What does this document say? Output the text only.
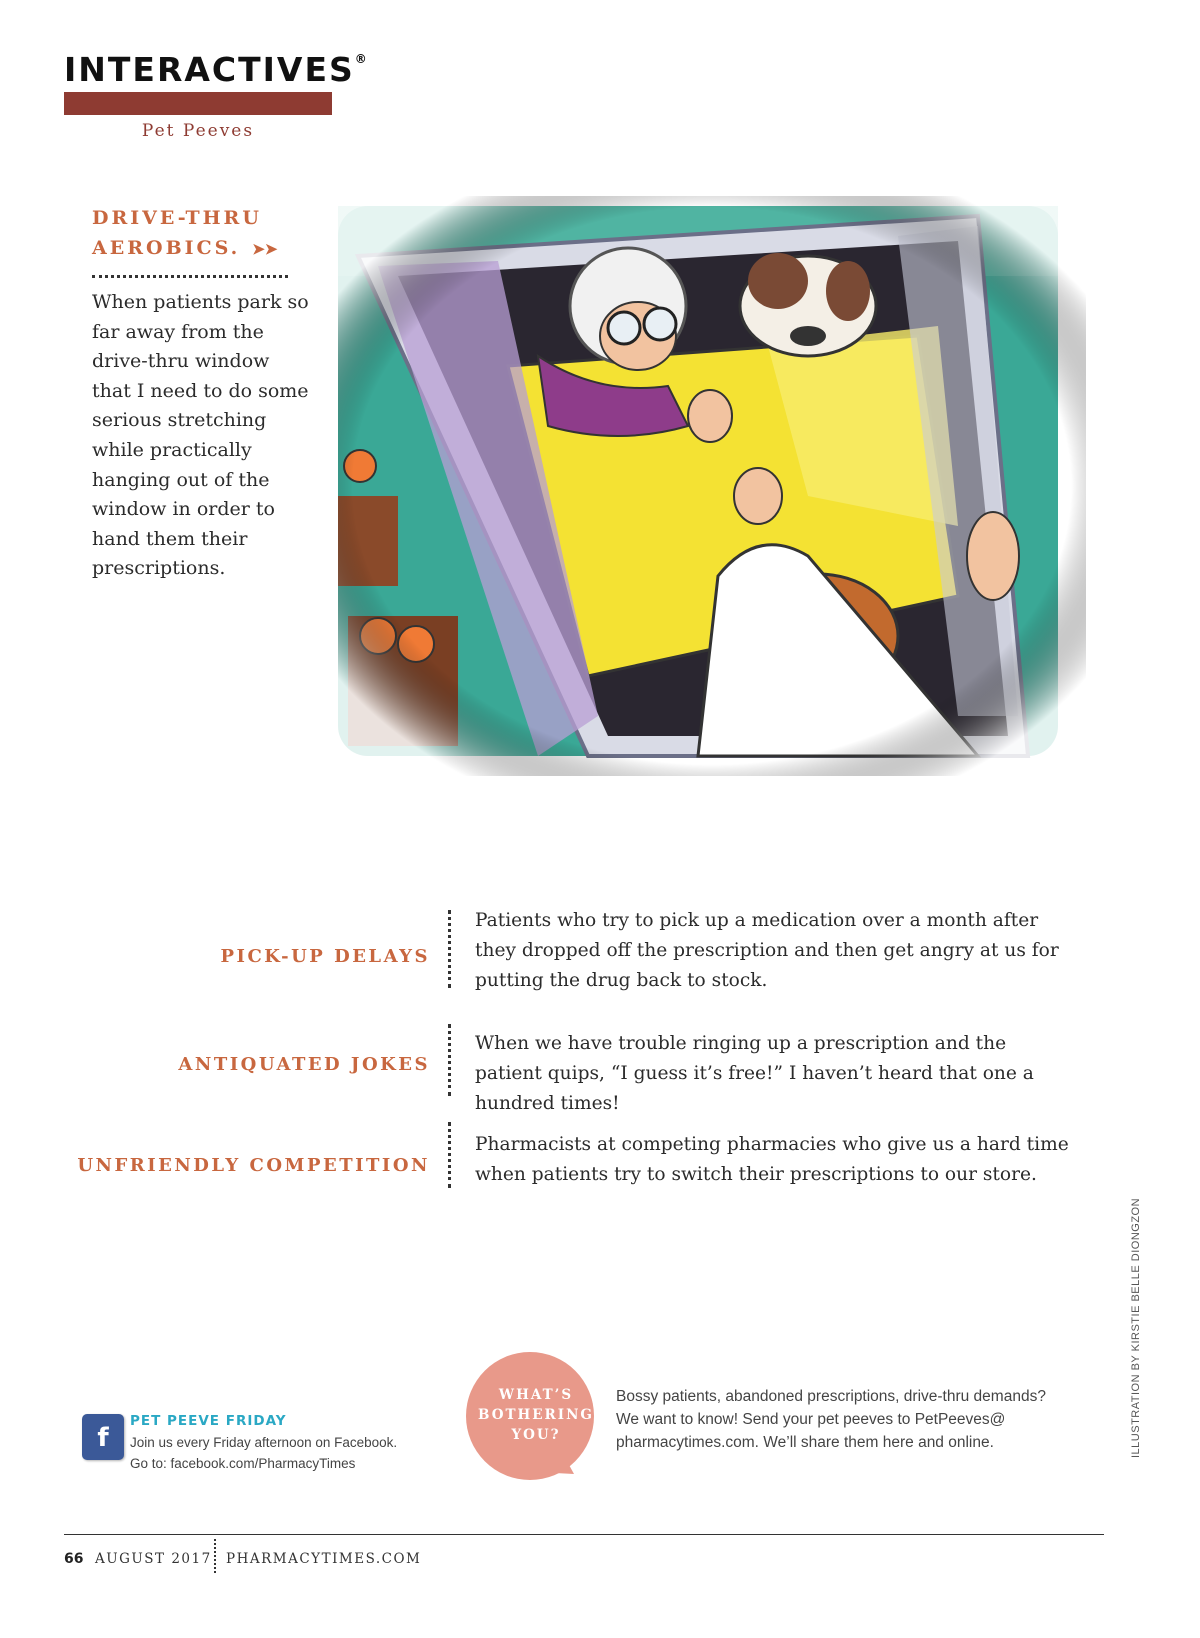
INTERACTIVES®
Pet Peeves
DRIVE-THRU
AEROBICS. ➤➤
When patients park so far away from the drive-thru window that I need to do some serious stretching while practically hanging out of the window in order to hand them their prescriptions.
PICK-UP DELAYS
Patients who try to pick up a medication over a month after they dropped off the prescription and then get angry at us for putting the drug back to stock.
ANTIQUATED JOKES
When we have trouble ringing up a prescription and the patient quips, “I guess it’s free!” I haven’t heard that one a hundred times!
UNFRIENDLY COMPETITION
Pharmacists at competing pharmacies who give us a hard time when patients try to switch their prescriptions to our store.
f
PET PEEVE FRIDAY
Join us every Friday afternoon on Facebook.
Go to: facebook.com/PharmacyTimes
WHAT’S
BOTHERING
YOU?
Bossy patients, abandoned prescriptions, drive-thru demands?
We want to know! Send your pet peeves to PetPeeves@
pharmacytimes.com. We’ll share them here and online.	ILLUSTRATION BY KIRSTIE BELLE DIONGZON
66 AUGUST 2017 PHARMACYTIMES.COM
